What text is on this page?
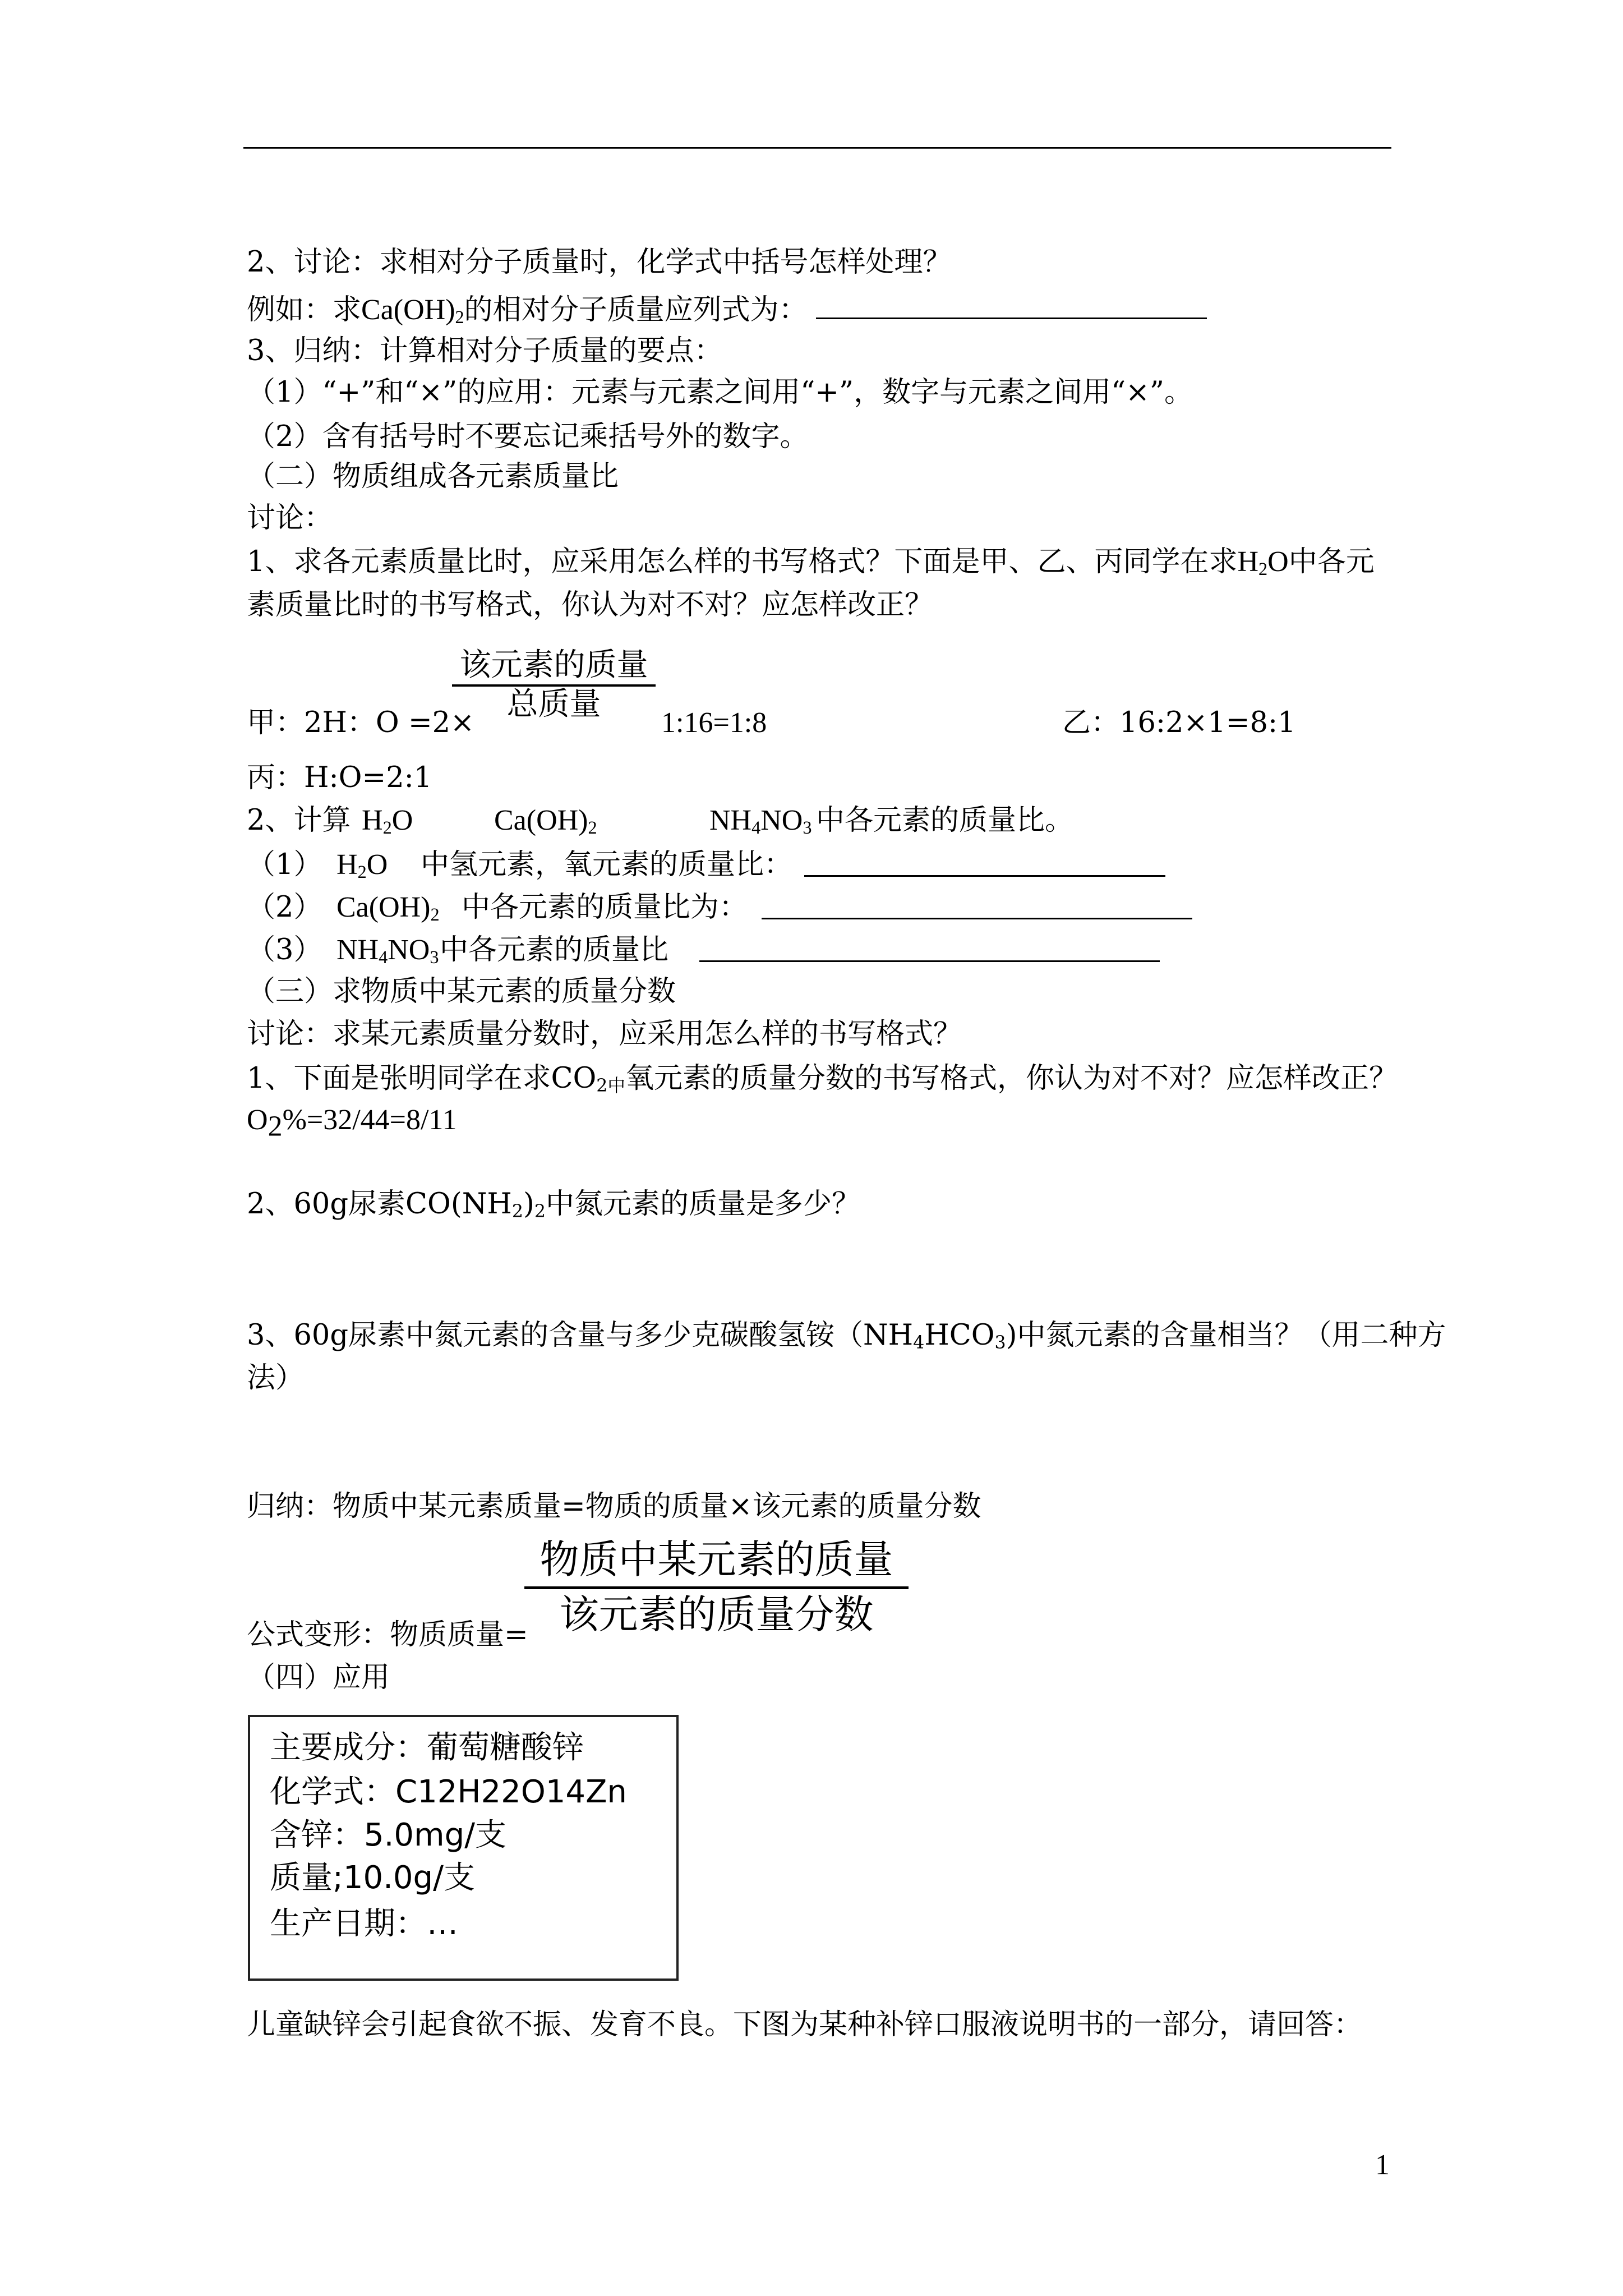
2、讨论：求相对分子质量时，化学式中括号怎样处理？
例如：求$Ca(OH)_2$的相对分子质量应列式为：
3、归纳：计算相对分子质量的要点：
（1）“+”和“×”的应用：元素与元素之间用“+”，数字与元素之间用“×”。
（2）含有括号时不要忘记乘括号外的数字。
（二）物质组成各元素质量比
讨论：
1、求各元素质量比时，应采用怎么样的书写格式？下面是甲、乙、丙同学在求$H_2O$中各元
素质量比时的书写格式，你认为对不对？应怎样改正？
该元素的质量
总质量
甲：2H：O =2×	1:16=1:8	乙：16:2×1=8:1
丙：H:O=2:1
2、计算 $H_2O$	$Ca(OH)_2$	$NH_4NO_3$ 中各元素的质量比。
（1） $H_2O$ 中氢元素，氧元素的质量比：
（2） $Ca(OH)_2$ 中各元素的质量比为：
（3） $NH_4NO_3$ 中各元素的质量比
（三）求物质中某元素的质量分数
讨论：求某元素质量分数时，应采用怎么样的书写格式？
1、下面是张明同学在求$CO_{2中}$氧元素的质量分数的书写格式，你认为对不对？应怎样改正？
$O_2\%=32/44=8/11$
2、60g尿素$CO(NH_2)_2$中氮元素的质量是多少？
3、60g尿素中氮元素的含量与多少克碳酸氢铵$(NH_4HCO_3)$中氮元素的含量相当？（用二种方
法）
归纳：物质中某元素质量=物质的质量×该元素的质量分数
物质中某元素的质量
该元素的质量分数
公式变形：物质质量=
（四）应用
主要成分：葡萄糖酸锌
化学式：C12H22O14Zn
含锌：5.0mg/支
质量;10.0g/支
生产日期：…
儿童缺锌会引起食欲不振、发育不良。下图为某种补锌口服液说明书的一部分，请回答：
1
